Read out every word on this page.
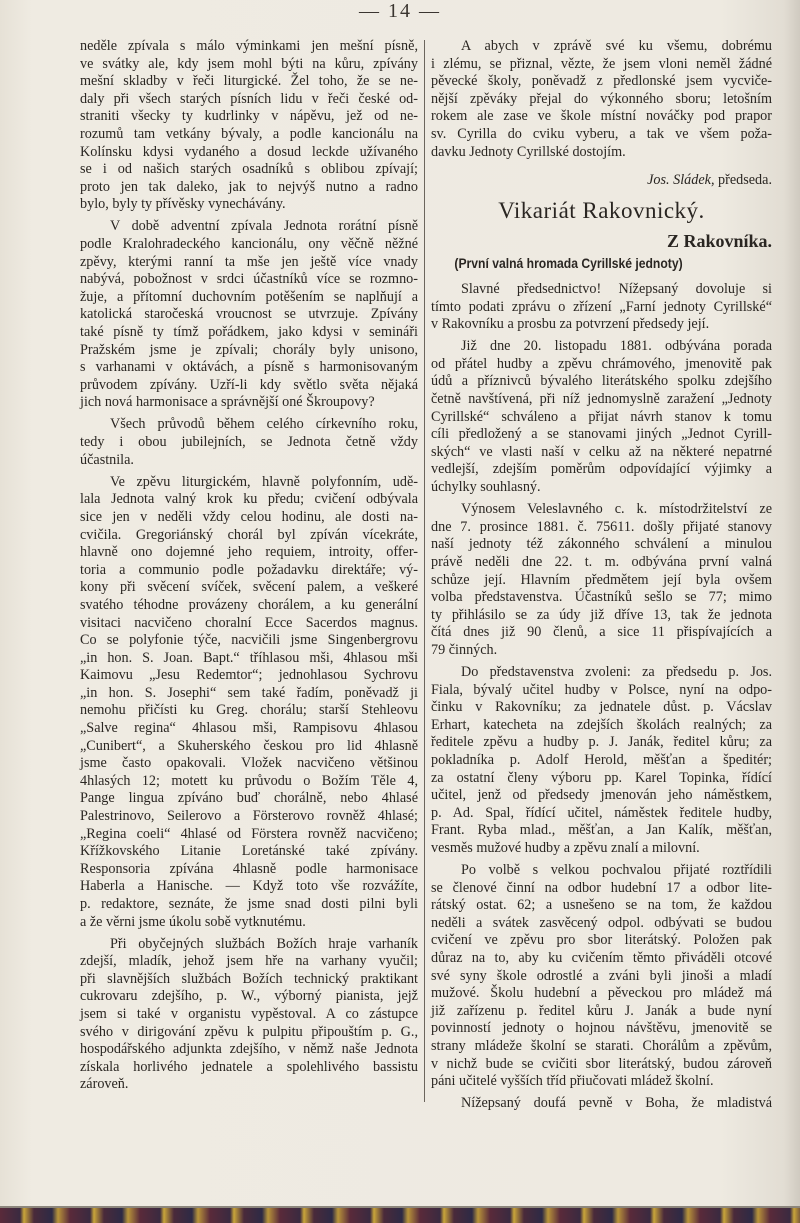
— 14 —
neděle zpívala s málo výminkami jen mešní písně,
ve svátky ale, kdy jsem mohl býti na kůru, zpívány
mešní skladby v řeči liturgické. Žel toho, že se ne-
daly při všech starých písních lidu v řeči české od-
straniti všecky ty kudrlinky v nápěvu, jež od ne-
rozumů tam vetkány bývaly, a podle kancionálu na
Kolínsku kdysi vydaného a dosud leckde užívaného
se i od našich starých osadníků s oblibou zpívají;
proto jen tak daleko, jak to nejvýš nutno a radno
bylo, byly ty přívěsky vynechávány.
V době adventní zpívala Jednota rorátní písně
podle Kralohradeckého kancionálu, ony věčně něžné
zpěvy, kterými ranní ta mše jen ještě více vnady
nabývá, pobožnost v srdci účastníků více se rozmno-
žuje, a přítomní duchovním potěšením se naplňují a
katolická staročeská vroucnost se utvrzuje. Zpívány
také písně ty tímž pořádkem, jako kdysi v semináři
Pražském jsme je zpívali; chorály byly unisono,
s varhanami v oktávách, a písně s harmonisovaným
průvodem zpívány. Uzří-li kdy světlo světa nějaká
jich nová harmonisace a správnější oné Škroupovy?
Všech průvodů během celého církevního roku,
tedy i obou jubilejních, se Jednota četně vždy
účastnila.
Ve zpěvu liturgickém, hlavně polyfonním, udě-
lala Jednota valný krok ku předu; cvičení odbývala
sice jen v neděli vždy celou hodinu, ale dosti na-
cvičila. Gregoriánský chorál byl zpíván vícekráte,
hlavně ono dojemné jeho requiem, introity, offer-
toria a communio podle požadavku direktáře; vý-
kony při svěcení svíček, svěcení palem, a veškeré
svatého téhodne provázeny chorálem, a ku generální
visitaci nacvičeno choralní Ecce Sacerdos magnus.
Co se polyfonie týče, nacvičili jsme Singenbergrovu
„in hon. S. Joan. Bapt.“ tříhlasou mši, 4hlasou mši
Kaimovu „Jesu Redemtor“; jednohlasou Sychrovu
„in hon. S. Josephi“ sem také řadím, poněvadž ji
nemohu přičísti ku Greg. chorálu; starší Stehleovu
„Salve regina“ 4hlasou mši, Rampisovu 4hlasou
„Cunibert“, a Skuherského českou pro lid 4hlasně
jsme často opakovali. Vložek nacvičeno většinou
4hlasých 12; motett ku průvodu o Božím Těle 4,
Pange lingua zpíváno buď chorálně, nebo 4hlasé
Palestrinovo, Seilerovo a Försterovo rovněž 4hlasé;
„Regina coeli“ 4hlasé od Förstera rovněž nacvičeno;
Křížkovského Litanie Loretánské také zpívány.
Responsoria zpívána 4hlasně podle harmonisace
Haberla a Hanische. — Když toto vše rozvážíte,
p. redaktore, seznáte, že jsme snad dosti pilni byli
a že věrni jsme úkolu sobě vytknutému.
Při obyčejných službách Božích hraje varhaník
zdejší, mladík, jehož jsem hře na varhany vyučil;
při slavnějších službách Božích technický praktikant
cukrovaru zdejšího, p. W., výborný pianista, jejž
jsem si také v organistu vypěstoval. A co zástupce
svého v dirigování zpěvu k pulpitu připouštím p. G.,
hospodářského adjunkta zdejšího, v němž naše Jednota
získala horlivého jednatele a spolehlivého bassistu
zároveň.
A abych v zprávě své ku všemu, dobrému
i zlému, se přiznal, vězte, že jsem vloni neměl žádné
pěvecké školy, poněvadž z předlonské jsem vycviče-
nější zpěváky přejal do výkonného sboru; letošním
rokem ale zase ve škole místní nováčky pod prapor
sv. Cyrilla do cviku vyberu, a tak ve všem poža-
davku Jednoty Cyrillské dostojím.
Jos. Sládek, předseda.
Vikariát Rakovnický.
Z Rakovníka.
(První valná hromada Cyrillské jednoty)
Slavné předsednictvo! Nížepsaný dovoluje si
tímto podati zprávu o zřízení „Farní jednoty Cyrillské“
v Rakovníku a prosbu za potvrzení předsedy její.
Již dne 20. listopadu 1881. odbývána porada
od přátel hudby a zpěvu chrámového, jmenovitě pak
údů a příznivců bývalého literátského spolku zdejšího
četně navštívená, při níž jednomyslně zaražení „Jednoty
Cyrillské“ schváleno a přijat návrh stanov k tomu
cíli předložený a se stanovami jiných „Jednot Cyrill-
ských“ ve vlasti naší v celku až na některé nepatrné
vedlejší, zdejším poměrům odpovídající výjimky a
úchylky souhlasný.
Výnosem Veleslavného c. k. místodržitelství ze
dne 7. prosince 1881. č. 75611. došly přijaté stanovy
naší jednoty též zákonného schválení a minulou
právě neděli dne 22. t. m. odbývána první valná
schůze její. Hlavním předmětem její byla ovšem
volba představenstva. Účastníků sešlo se 77; mimo
ty přihlásilo se za údy již dříve 13, tak že jednota
čítá dnes již 90 členů, a sice 11 přispívajících a
79 činných.
Do představenstva zvoleni: za předsedu p. Jos.
Fiala, bývalý učitel hudby v Polsce, nyní na odpo-
činku v Rakovníku; za jednatele důst. p. Vácslav
Erhart, katecheta na zdejších školách realných; za
ředitele zpěvu a hudby p. J. Janák, ředitel kůru; za
pokladníka p. Adolf Herold, měšťan a špeditér;
za ostatní členy výboru pp. Karel Topinka, řídící
učitel, jenž od předsedy jmenován jeho náměstkem,
p. Ad. Spal, řídící učitel, náměstek ředitele hudby,
Frant. Ryba mlad., měšťan, a Jan Kalík, měšťan,
vesměs mužové hudby a zpěvu znalí a milovní.
Po volbě s velkou pochvalou přijaté roztřídili
se členové činní na odbor hudební 17 a odbor lite-
rátský ostat. 62; a usnešeno se na tom, že každou
neděli a svátek zasvěcený odpol. odbývati se budou
cvičení ve zpěvu pro sbor literátský. Položen pak
důraz na to, aby ku cvičením těmto přiváděli otcové
své syny škole odrostlé a zváni byli jinoši a mladí
mužové. Školu hudební a pěveckou pro mládež má
již zařízenu p. ředitel kůru J. Janák a bude nyní
povinností jednoty o hojnou návštěvu, jmenovitě se
strany mládeže školní se starati. Chorálům a zpěvům,
v nichž bude se cvičiti sbor literátský, budou zároveň
páni učitelé vyšších tříd přiučovati mládež školní.
Nížepsaný doufá pevně v Boha, že mladistvá
